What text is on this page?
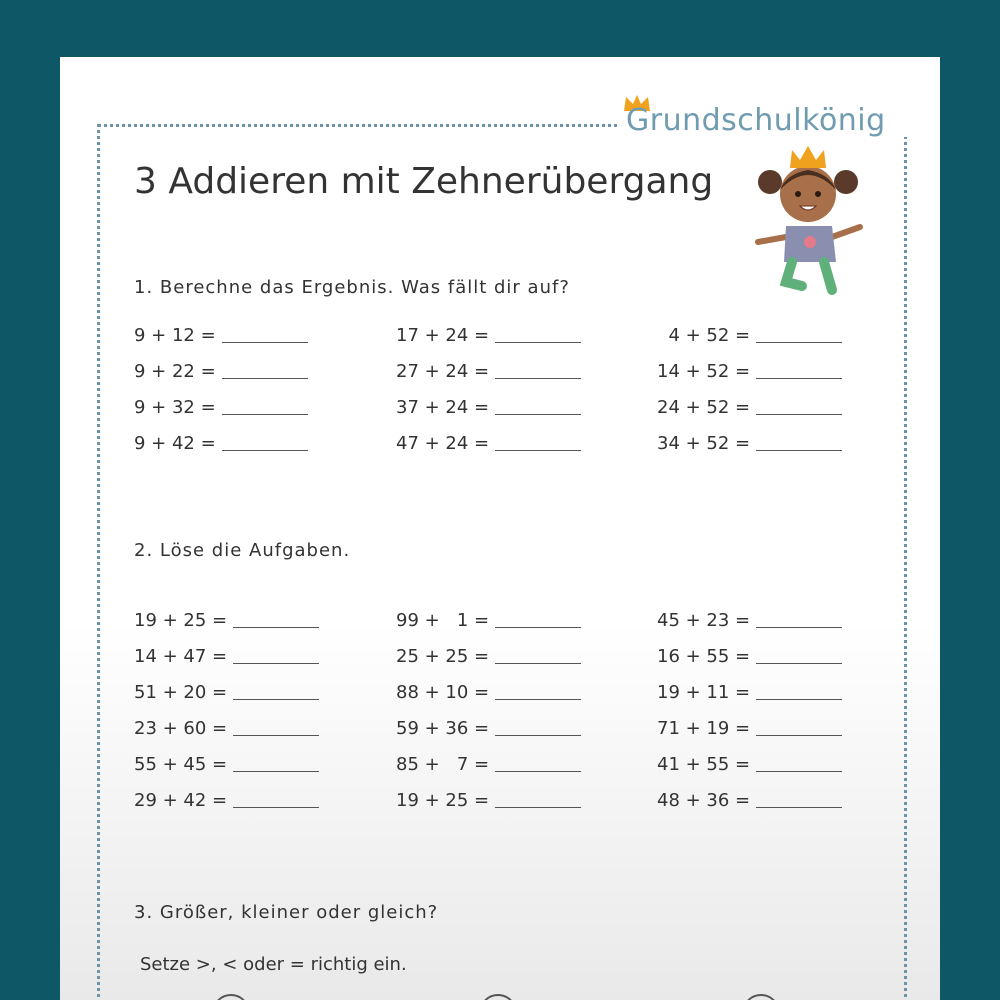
Grundschulkönig
3 Addieren mit Zehnerübergang
1. Berechne das Ergebnis. Was fällt dir auf?
9 + 12 =
9 + 22 =
9 + 32 =
9 + 42 =
17 + 24 =
27 + 24 =
37 + 24 =
47 + 24 =
4 + 52 =
14 + 52 =
24 + 52 =
34 + 52 =
2. Löse die Aufgaben.
19 + 25 =
14 + 47 =
51 + 20 =
23 + 60 =
55 + 45 =
29 + 42 =
99 +   1 =
25 + 25 =
88 + 10 =
59 + 36 =
85 +   7 =
19 + 25 =
45 + 23 =
16 + 55 =
19 + 11 =
71 + 19 =
41 + 55 =
48 + 36 =
3. Größer, kleiner oder gleich?
Setze >, < oder = richtig ein.
